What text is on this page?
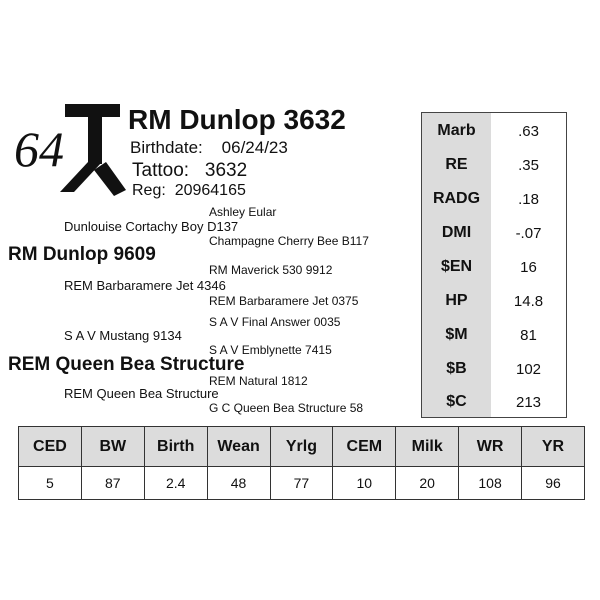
64
RM Dunlop 3632
Birthdate: 06/24/23
Tattoo: 3632
Reg: 20964165
Ashley Eular
Dunlouise Cortachy Boy D137
Champagne Cherry Bee B117
RM Dunlop 9609
RM Maverick 530 9912
REM Barbaramere Jet 4346
REM Barbaramere Jet 0375
S A V Final Answer 0035
S A V Mustang 9134
S A V Emblynette 7415
REM Queen Bea Structure
REM Natural 1812
REM Queen Bea Structure
G C Queen Bea Structure 58
Marb	.63
RE	.35
RADG	.18
DMI	-.07
$EN	16
HP	14.8
$M	81
$B	102
$C	213
CED	BW	Birth	Wean	Yrlg	CEM	Milk	WR	YR
5	87	2.4	48	77	10	20	108	96
